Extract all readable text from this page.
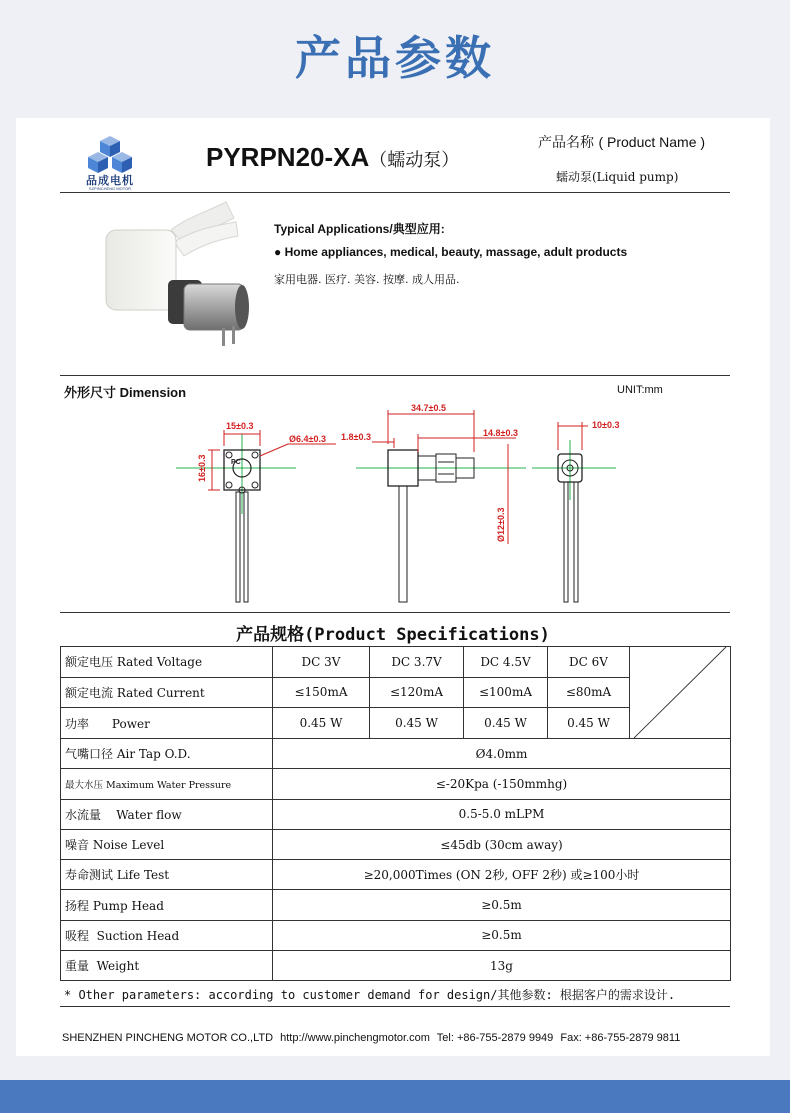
产品参数
品成电机
SZPINCHENG MOTOR
PYRPN20-XA（蠕动泵）
产品名称 ( Product Name )
蠕动泵(Liquid pump)
Typical Applications/典型应用:
● Home appliances, medical, beauty, massage, adult products
家用电器. 医疗. 美容. 按摩. 成人用品.
外形尺寸 Dimension	UNIT:mm
15±0.3
16±0.3
Ø6.4±0.3
PC
34.7±0.5
1.8±0.3	14.8±0.3
Ø12±0.3
10±0.3
产品规格(Product Specifications)
额定电压 Rated Voltage	DC 3V	DC 3.7V	DC 4.5V	DC 6V	

额定电流 Rated Current	≤150mA	≤120mA	≤100mA	≤80mA	
功率      Power	0.45 W	0.45 W	0.45 W	0.45 W	
气嘴口径 Air Tap O.D.	Ø4.0mm				
最大水压 Maximum Water Pressure	≤-20Kpa (-150mmhg)				
水流量    Water flow	0.5-5.0 mLPM				
噪音 Noise Level	≤45db (30cm away)				
寿命测试 Life Test	≥20,000Times (ON 2秒, OFF 2秒) 或≥100小时				
扬程 Pump Head	≥0.5m				
吸程  Suction Head	≥0.5m				
重量  Weight	13g				
* Other parameters: according to customer demand for design/其他参数: 根据客户的需求设计.
SHENZHEN PINCHENG MOTOR CO.,LTD http://www.pinchengmotor.com Tel: +86-755-2879 9949 Fax: +86-755-2879 9811
